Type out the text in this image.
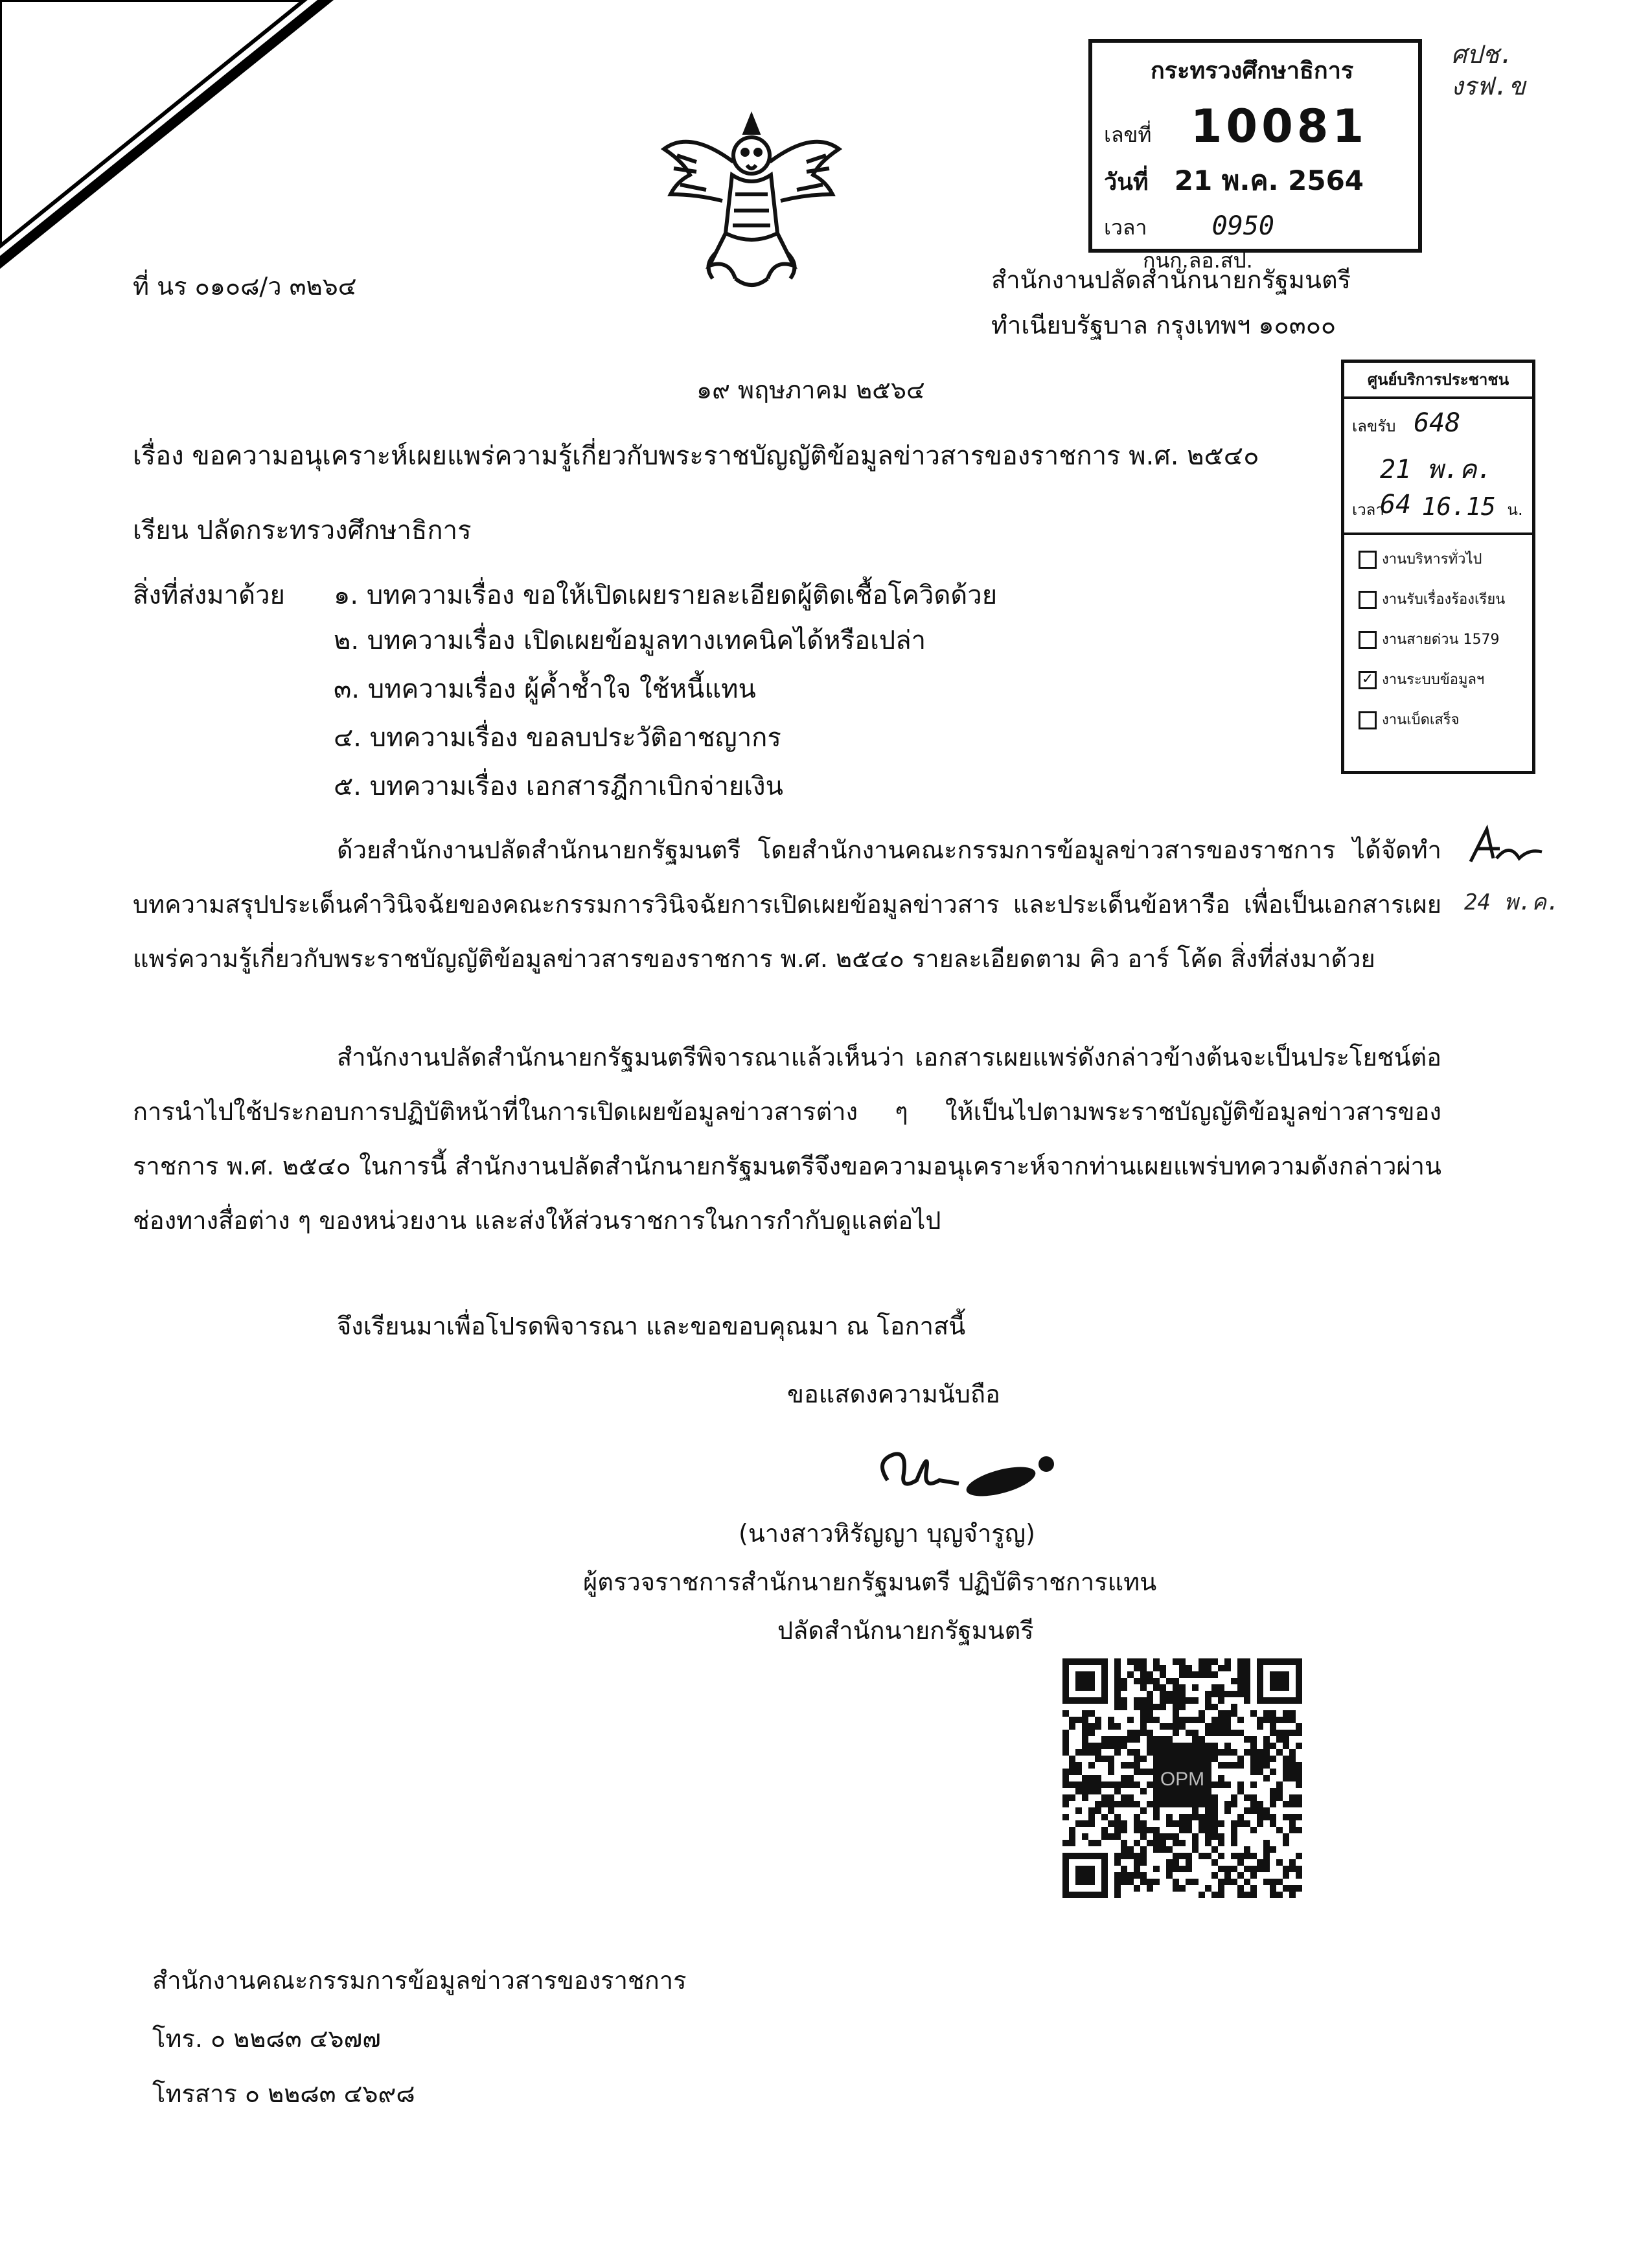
ที่ นร ๐๑๐๘/ว ๓๒๖๔	สำนักงานปลัดสำนักนายกรัฐมนตรี
ทำเนียบรัฐบาล กรุงเทพฯ ๑๐๓๐๐
กระทรวงศึกษาธิการ
เลขที่ 10081
วันที่ 21 พ.ค. 2564
เวลา	0950 กนก.ลอ.สป.
ศปช.
งรฟ.ข
๑๙ พฤษภาคม ๒๕๖๔	ศูนย์บริการประชาชน
เลขรับ 648
21 พ.ค. 64
เวลา 16.15 น.
งานบริหารทั่วไป
งานรับเรื่องร้องเรียน
งานสายด่วน 1579
✓ งานระบบข้อมูลฯ
งานเบ็ดเสร็จ
เรื่อง ขอความอนุเคราะห์เผยแพร่ความรู้เกี่ยวกับพระราชบัญญัติข้อมูลข่าวสารของราชการ พ.ศ. ๒๕๔๐
เรียน ปลัดกระทรวงศึกษาธิการ
สิ่งที่ส่งมาด้วย ๑. บทความเรื่อง ขอให้เปิดเผยรายละเอียดผู้ติดเชื้อโควิดด้วย
๒. บทความเรื่อง เปิดเผยข้อมูลทางเทคนิคได้หรือเปล่า
๓. บทความเรื่อง ผู้ค้ำช้ำใจ ใช้หนี้แทน
๔. บทความเรื่อง ขอลบประวัติอาชญากร
๕. บทความเรื่อง เอกสารฎีกาเบิกจ่ายเงิน
ด้วยสำนักงานปลัดสำนักนายกรัฐมนตรี โดยสำนักงานคณะกรรมการข้อมูลข่าวสารของราชการ ได้จัดทำบทความสรุปประเด็นคำวินิจฉัยของคณะกรรมการวินิจฉัยการเปิดเผยข้อมูลข่าวสาร และประเด็นข้อหารือ เพื่อเป็นเอกสารเผยแพร่ความรู้เกี่ยวกับพระราชบัญญัติข้อมูลข่าวสารของราชการ พ.ศ. ๒๕๔๐ รายละเอียดตาม คิว อาร์ โค้ด สิ่งที่ส่งมาด้วย
สำนักงานปลัดสำนักนายกรัฐมนตรีพิจารณาแล้วเห็นว่า เอกสารเผยแพร่ดังกล่าวข้างต้นจะเป็นประโยชน์ต่อการนำไปใช้ประกอบการปฏิบัติหน้าที่ในการเปิดเผยข้อมูลข่าวสารต่าง ๆ ให้เป็นไปตามพระราชบัญญัติข้อมูลข่าวสารของราชการ พ.ศ. ๒๕๔๐ ในการนี้ สำนักงานปลัดสำนักนายกรัฐมนตรีจึงขอความอนุเคราะห์จากท่านเผยแพร่บทความดังกล่าวผ่านช่องทางสื่อต่าง ๆ ของหน่วยงาน และส่งให้ส่วนราชการในการกำกับดูแลต่อไป
จึงเรียนมาเพื่อโปรดพิจารณา และขอขอบคุณมา ณ โอกาสนี้
24 พ.ค.
ขอแสดงความนับถือ
(นางสาวหิรัญญา บุญจำรูญ)
ผู้ตรวจราชการสำนักนายกรัฐมนตรี ปฏิบัติราชการแทน
ปลัดสำนักนายกรัฐมนตรี
OPM
สำนักงานคณะกรรมการข้อมูลข่าวสารของราชการ
โทร. ๐ ๒๒๘๓ ๔๖๗๗
โทรสาร ๐ ๒๒๘๓ ๔๖๙๘
